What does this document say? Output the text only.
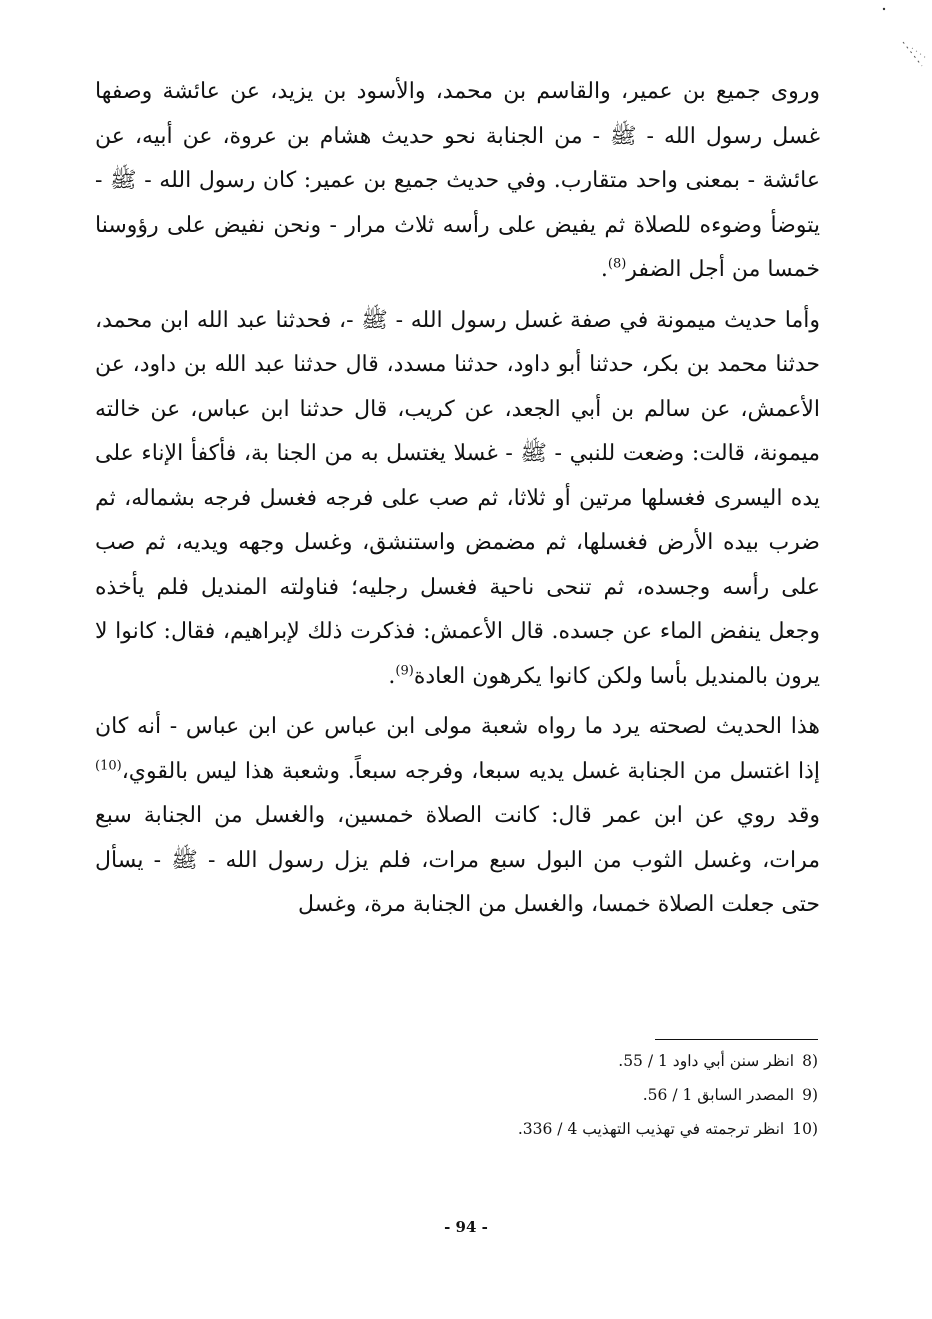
وروى جميع بن عمير، والقاسم بن محمد، والأسود بن يزيد، عن عائشة وصفها غسل رسول الله - ﷺ - من الجنابة نحو حديث هشام بن عروة، عن أبيه، عن عائشة - بمعنى واحد متقارب. وفي حديث جميع بن عمير: كان رسول الله - ﷺ - يتوضأ وضوءه للصلاة ثم يفيض على رأسه ثلاث مرار - ونحن نفيض على رؤوسنا خمسا من أجل الضفر$^{(8)}$.

وأما حديث ميمونة في صفة غسل رسول الله - ﷺ -، فحدثنا عبد الله ابن محمد، حدثنا محمد بن بكر، حدثنا أبو داود، حدثنا مسدد، قال حدثنا عبد الله بن داود، عن الأعمش، عن سالم بن أبي الجعد، عن كريب، قال حدثنا ابن عباس، عن خالته ميمونة، قالت: وضعت للنبي - ﷺ - غسلا يغتسل به من الجنا بة، فأكفأ الإناء على يده اليسرى فغسلها مرتين أو ثلاثا، ثم صب على فرجه فغسل فرجه بشماله، ثم ضرب بيده الأرض فغسلها، ثم مضمض واستنشق، وغسل وجهه ويديه، ثم صب على رأسه وجسده، ثم تنحى ناحية فغسل رجليه؛ فناولته المنديل فلم يأخذه وجعل ينفض الماء عن جسده. قال الأعمش: فذكرت ذلك لإبراهيم، فقال: كانوا لا يرون بالمنديل بأسا ولكن كانوا يكرهون العادة$^{(9)}$.

هذا الحديث لصحته يرد ما رواه شعبة مولى ابن عباس عن ابن عباس - أنه كان إذا اغتسل من الجنابة غسل يديه سبعا، وفرجه سبعاً. وشعبة هذا ليس بالقوي،$^{(10)}$ وقد روي عن ابن عمر قال: كانت الصلاة خمسين، والغسل من الجنابة سبع مرات، وغسل الثوب من البول سبع مرات، فلم يزل رسول الله - ﷺ - يسأل حتى جعلت الصلاة خمسا، والغسل من الجنابة مرة، وغسل

8)انظر سنن أبي داود 1 / 55.
9)المصدر السابق 1 / 56.
10)انظر ترجمته في تهذيب التهذيب 4 / 336.
- 94 -
